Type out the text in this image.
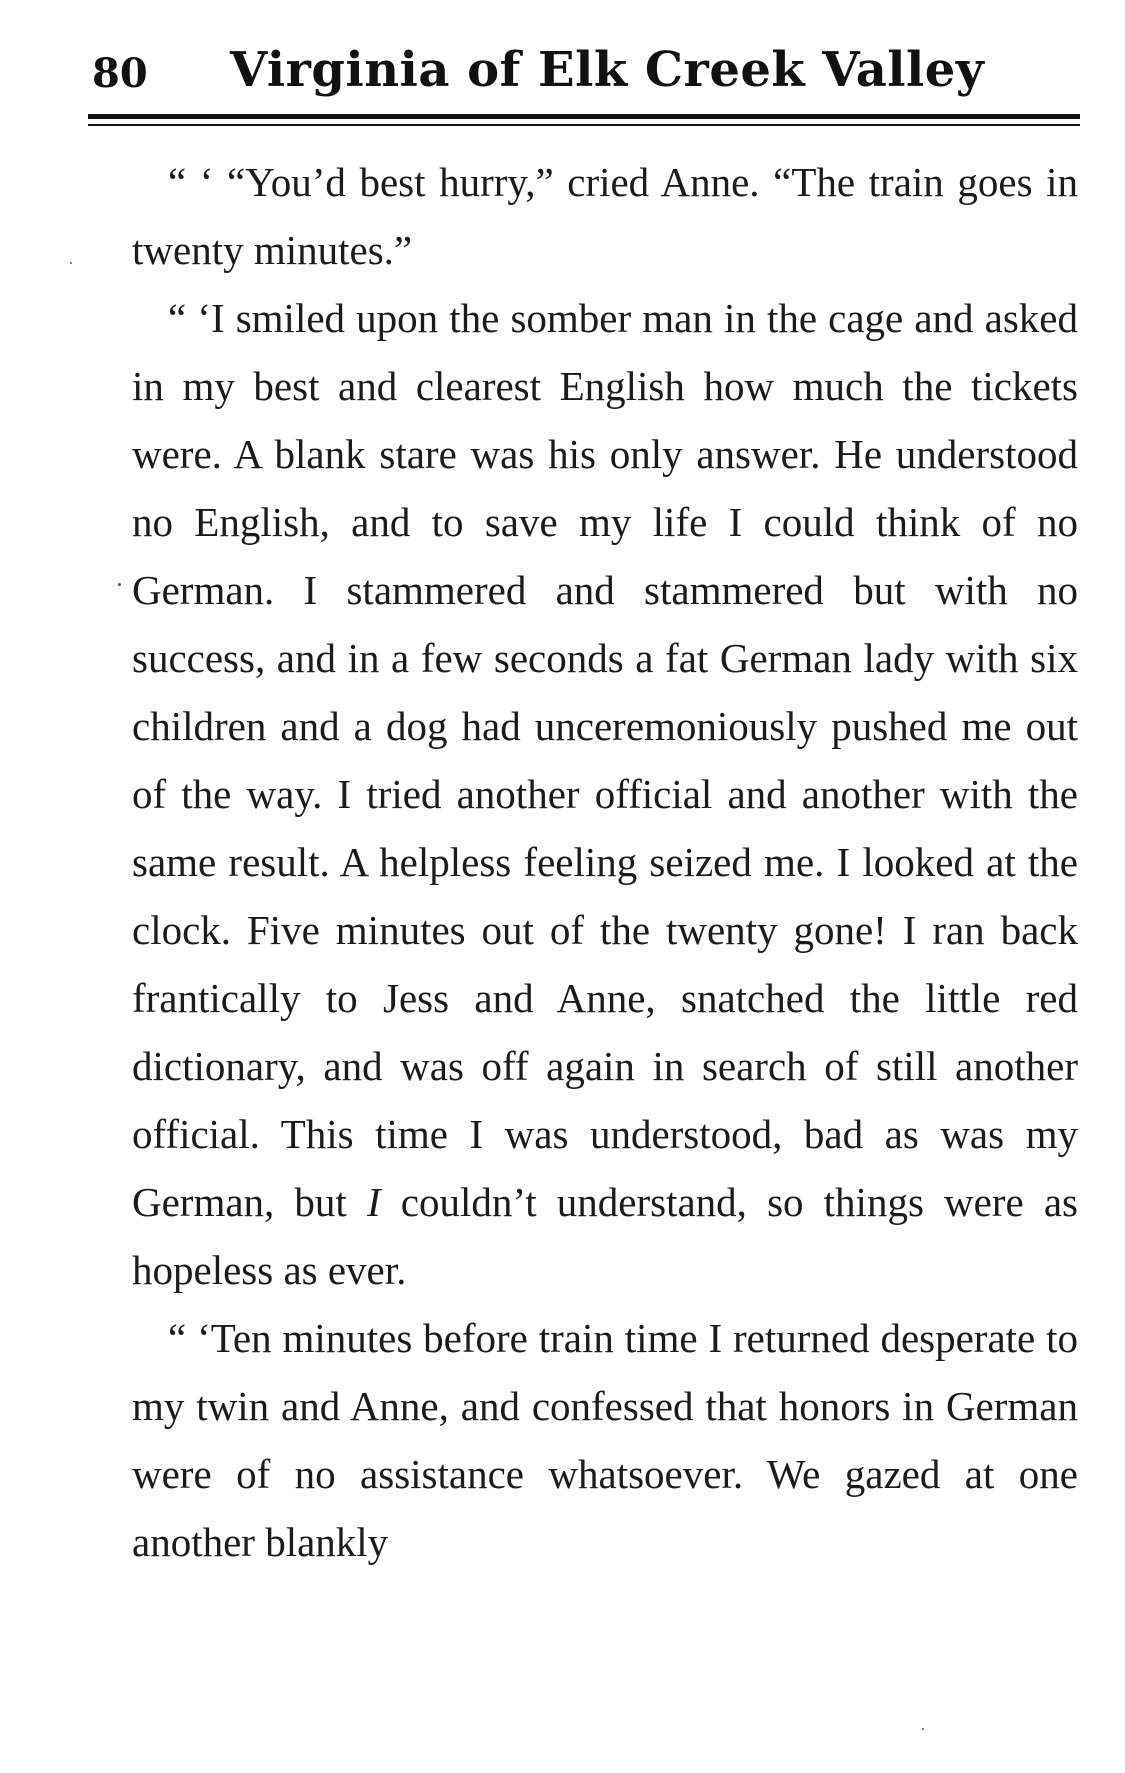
80 Virginia of Elk Creek Valley

“ ‘ “You’d best hurry,” cried Anne. “The train goes in twenty minutes.”

“ ‘I smiled upon the somber man in the cage and asked in my best and clearest English how much the tickets were. A blank stare was his only answer. He understood no English, and to save my life I could think of no German. I stammered and stammered but with no success, and in a few seconds a fat German lady with six children and a dog had unceremoniously pushed me out of the way. I tried another official and another with the same result. A helpless feeling seized me. I looked at the clock. Five minutes out of the twenty gone! I ran back frantically to Jess and Anne, snatched the little red dictionary, and was off again in search of still another official. This time I was understood, bad as was my German, but I couldn’t understand, so things were as hopeless as ever.

“ ‘Ten minutes before train time I returned desperate to my twin and Anne, and confessed that honors in German were of no assistance whatsoever. We gazed at one another blankly
